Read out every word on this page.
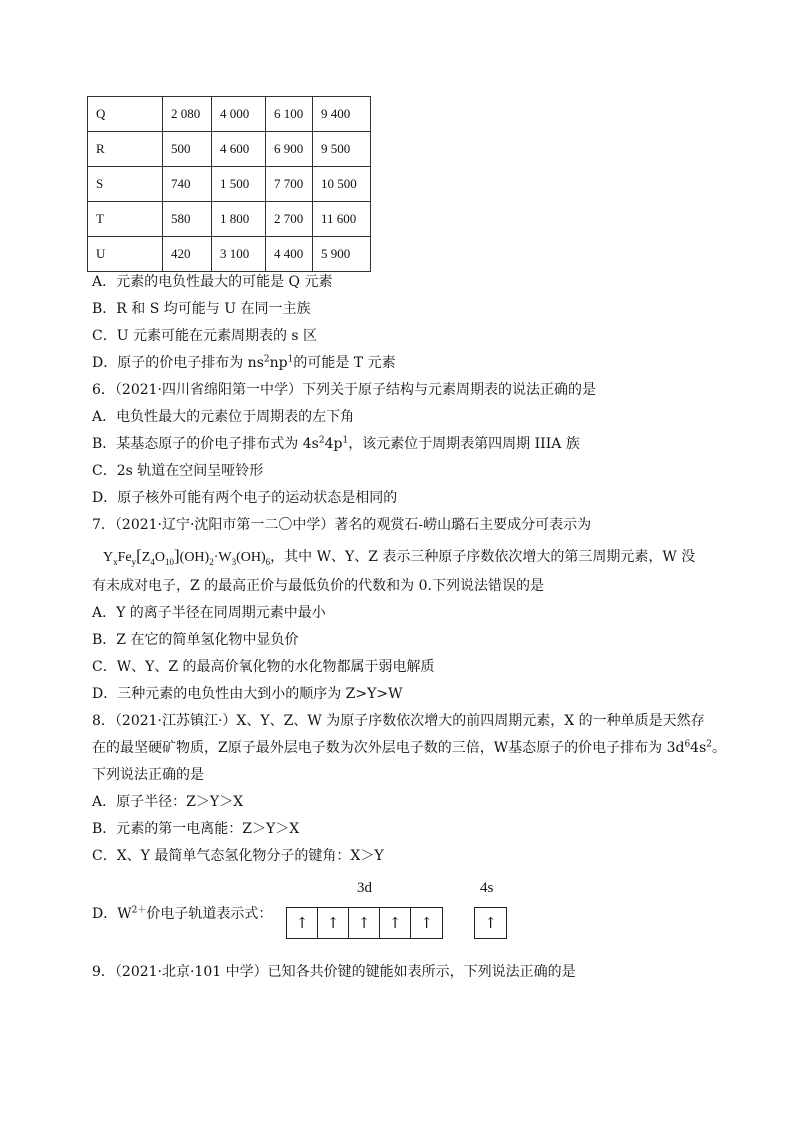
Q	2 080	4 000	6 100	9 400
R	500	4 600	6 900	9 500
S	740	1 500	7 700	10 500
T	580	1 800	2 700	11 600
U	420	3 100	4 400	5 900
A．元素的电负性最大的可能是 Q 元素
B．R 和 S 均可能与 U 在同一主族
C．U 元素可能在元素周期表的 s 区
D．原子的价电子排布为 $ns^2np^1$的可能是 T 元素
6．（2021·四川省绵阳第一中学）下列关于原子结构与元素周期表的说法正确的是
A．电负性最大的元素位于周期表的左下角
B．某基态原子的价电子排布式为 $4s^24p^1$，该元素位于周期表第四周期 IIIA 族
C．2s 轨道在空间呈哑铃形
D．原子核外可能有两个电子的运动状态是相同的
7．（2021·辽宁·沈阳市第一二〇中学）著名的观赏石-崂山璐石主要成分可表示为
$Y_xFe_y[Z_4O_{10}](OH)_2\cdot W_3(OH)_6$，其中 W、Y、Z 表示三种原子序数依次增大的第三周期元素，W 没
有未成对电子，Z 的最高正价与最低负价的代数和为 0.下列说法错误的是
A．Y 的离子半径在同周期元素中最小
B．Z 在它的简单氢化物中显负价
C．W、Y、Z 的最高价氧化物的水化物都属于弱电解质
D．三种元素的电负性由大到小的顺序为 Z>Y>W
8．（2021·江苏镇江·）X、Y、Z、W 为原子序数依次增大的前四周期元素，X 的一种单质是天然存
在的最坚硬矿物质，Z原子最外层电子数为次外层电子数的三倍，W基态原子的价电子排布为 $3d^64s^2$。
下列说法正确的是
A．原子半径：Z＞Y＞X
B．元素的第一电离能：Z＞Y＞X
C．X、Y 最简单气态氢化物分子的键角：X＞Y
D．$W^{2+}$价电子轨道表示式：
3d
↑	↑	↑	↑	↑
4s
↑
9．（2021·北京·101 中学）已知各共价键的键能如表所示，下列说法正确的是
